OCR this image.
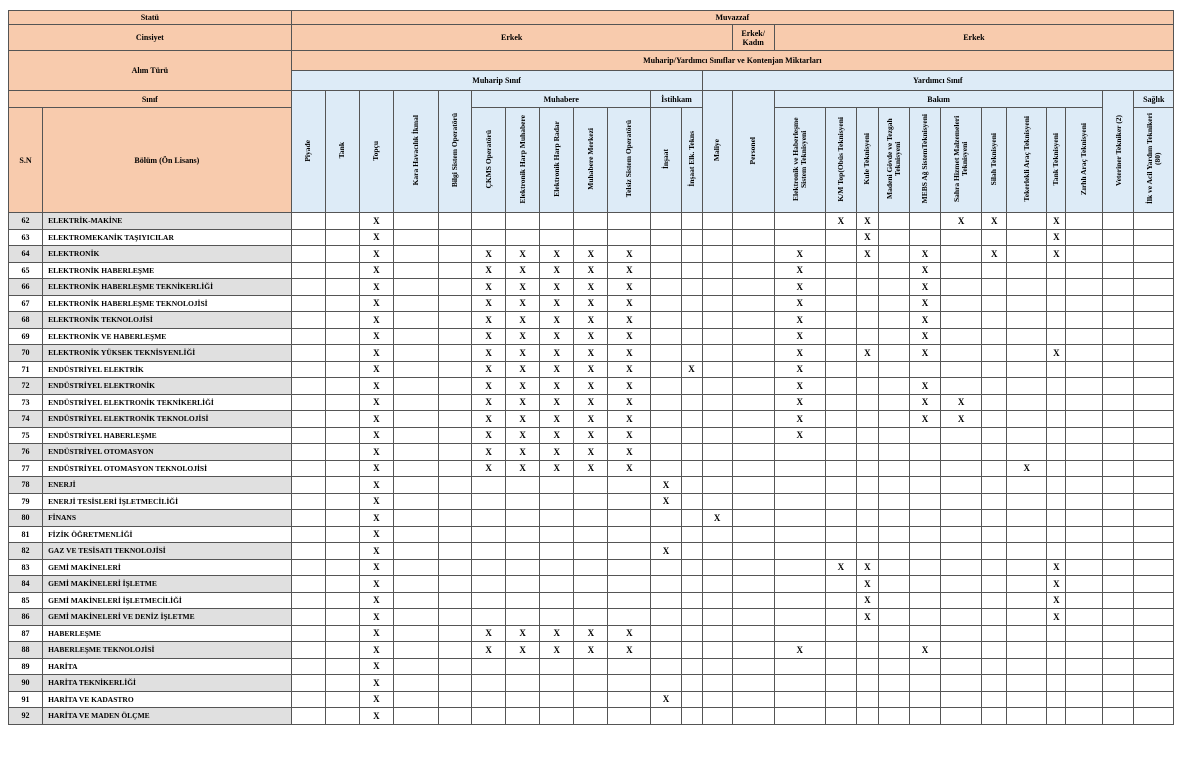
Statü		Muvazzaf																									
Cinsiyet		Erkek													Erkek/ Kadın	Erkek											
Alım Türü		Muharip/Yardımcı Sınıflar ve Kontenjan Miktarları																									
		Muharip Sınıf												Yardımcı Sınıf													
Sınıf		Piyade	Tank	Topçu	Kara Havacılık İkmal	Bilgi Sistem Operatörü	Muhabere					İstihkam		Maliye	Personel	Bakım										Veteriner Tekniker (2)	Sağlık
S.N	Bölüm (Ön Lisans)						ÇKMS Operatörü	Elektronik Harp Muhabere	Elektronik Harp Radar	Muhabere Merkezi	Telsiz Sistem Operatörü	İnşaat	İnşaat Elk. Tekns			Elektronik ve Haberleşme Sistem Teknisyeni	K/M Top(Obüs Teknisyeni	Kule Teknisyeni	Madeni Gövde ve Tezgah Teknisyeni	MEBS Ağ SistemTeknisyeni	Sahra Hizmet Malzemeleri Teknisyeni	Silah Teknisyeni	Tekerlekli Araç Teknisyeni	Tank Teknisyeni	Zırhlı Araç Teknisyeni		İlk ve Acil Yardım Teknikeri (80)
62	ELEKTRİK-MAKİNE			X													X	X			X	X		X			
63	ELEKTROMEKANİK TAŞIYICILAR			X														X						X			
64	ELEKTRONİK			X			X	X	X	X	X					X		X		X		X		X			
65	ELEKTRONİK HABERLEŞME			X			X	X	X	X	X					X				X							
66	ELEKTRONİK HABERLEŞME TEKNİKERLİĞİ			X			X	X	X	X	X					X				X							
67	ELEKTRONİK HABERLEŞME TEKNOLOJİSİ			X			X	X	X	X	X					X				X							
68	ELEKTRONİK TEKNOLOJİSİ			X			X	X	X	X	X					X				X							
69	ELEKTRONİK VE HABERLEŞME			X			X	X	X	X	X					X				X							
70	ELEKTRONİK YÜKSEK TEKNİSYENLİĞİ			X			X	X	X	X	X					X		X		X				X			
71	ENDÜSTRİYEL ELEKTRİK			X			X	X	X	X	X		X			X											
72	ENDÜSTRİYEL ELEKTRONİK			X			X	X	X	X	X					X				X							
73	ENDÜSTRİYEL ELEKTRONİK TEKNİKERLİĞİ			X			X	X	X	X	X					X				X	X						
74	ENDÜSTRİYEL ELEKTRONİK TEKNOLOJİSİ			X			X	X	X	X	X					X				X	X						
75	ENDÜSTRİYEL HABERLEŞME			X			X	X	X	X	X					X											
76	ENDÜSTRİYEL OTOMASYON			X			X	X	X	X	X																
77	ENDÜSTRİYEL OTOMASYON TEKNOLOJİSİ			X			X	X	X	X	X												X				
78	ENERJİ			X								X															
79	ENERJİ TESİSLERİ İŞLETMECİLİĞİ			X								X															
80	FİNANS			X										X													
81	FİZİK ÖĞRETMENLİĞİ			X																							
82	GAZ VE TESİSATI TEKNOLOJİSİ			X								X															
83	GEMİ MAKİNELERİ			X													X	X						X			
84	GEMİ MAKİNELERİ İŞLETME			X														X						X			
85	GEMİ MAKİNELERİ İŞLETMECİLİĞİ			X														X						X			
86	GEMİ MAKİNELERİ VE DENİZ İŞLETME			X														X						X			
87	HABERLEŞME			X			X	X	X	X	X																
88	HABERLEŞME TEKNOLOJİSİ			X			X	X	X	X	X					X				X							
89	HARİTA			X																							
90	HARİTA TEKNİKERLİĞİ			X																							
91	HARİTA VE KADASTRO			X								X															
92	HARİTA VE MADEN ÖLÇME			X																							
